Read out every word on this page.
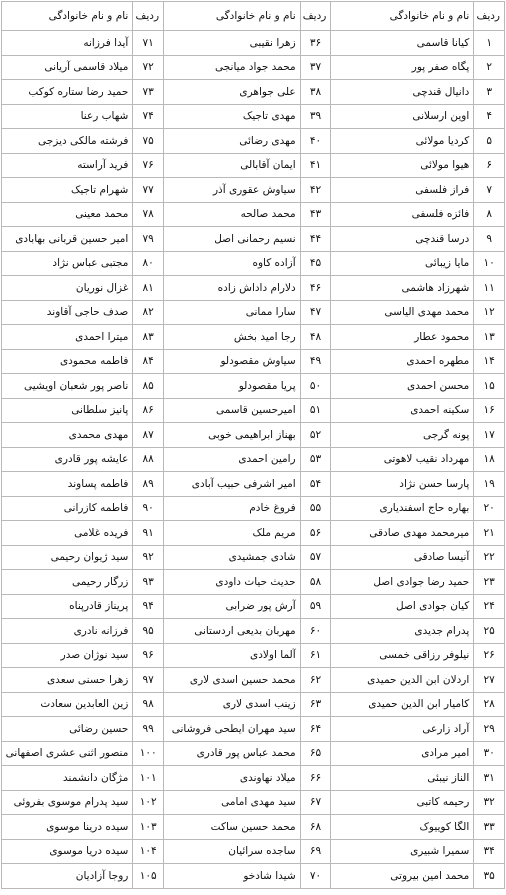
ردیف	نام و نام خانوادگی	ردیف	نام و نام خانوادگی	ردیف	نام و نام خانوادگی
۱	کیانا قاسمی	۳۶	زهرا نقیبی	۷۱	آیدا فرزانه
۲	پگاه صفر پور	۳۷	محمد جواد میانجی	۷۲	میلاد قاسمی آریانی
۳	دانیال قندچی	۳۸	علی جواهری	۷۳	حمید رضا ستاره کوکب
۴	اوین ارسلانی	۳۹	مهدی تاجیک	۷۴	شهاب رعنا
۵	کردیا مولائی	۴۰	مهدی رضائی	۷۵	فرشته مالکی دیزجی
۶	هیوا مولائی	۴۱	ایمان آقابالی	۷۶	فرید آراسته
۷	فراز فلسفی	۴۲	سیاوش عقوری آذر	۷۷	شهرام تاجیک
۸	فائزه فلسفی	۴۳	محمد صالحه	۷۸	محمد معینی
۹	درسا قندچی	۴۴	نسیم رحمانی اصل	۷۹	امیر حسین قربانی بهابادی
۱۰	مایا زیبائی	۴۵	آزاده کاوه	۸۰	مجتبی عباس نژاد
۱۱	شهرزاد هاشمی	۴۶	دلارام داداش زاده	۸۱	غزال نوریان
۱۲	محمد مهدی الیاسی	۴۷	سارا ممانی	۸۲	صدف حاجی آقاوند
۱۳	محمود عطار	۴۸	رجا امید بخش	۸۳	میترا احمدی
۱۴	مطهره احمدی	۴۹	سیاوش مقصودلو	۸۴	فاطمه محمودی
۱۵	محسن احمدی	۵۰	پریا مقصودلو	۸۵	ناصر پور شعبان اویشیی
۱۶	سکینه احمدی	۵۱	امیرحسین قاسمی	۸۶	پانیز سلطانی
۱۷	پونه گرجی	۵۲	بهناز ابراهیمی خوبی	۸۷	مهدی محمدی
۱۸	مهرداد نقیب لاهوتی	۵۳	رامین احمدی	۸۸	عایشه پور قادری
۱۹	پارسا حسن نژاد	۵۴	امیر اشرفی حبیب آبادی	۸۹	فاطمه پساوند
۲۰	بهاره حاج اسفندیاری	۵۵	فروغ خادم	۹۰	فاطمه کازرانی
۲۱	میرمحمد مهدی صادقی	۵۶	مریم ملک	۹۱	فریده غلامی
۲۲	آنیسا صادقی	۵۷	شادی جمشیدی	۹۲	سید ژیوان رحیمی
۲۳	حمید رضا جوادی اصل	۵۸	حدیث حیات داودی	۹۳	زرگار رحیمی
۲۴	کیان جوادی اصل	۵۹	آرش پور ضرابی	۹۴	پریناز قادرپناه
۲۵	پدرام جدیدی	۶۰	مهربان بدیعی اردستانی	۹۵	فرزانه نادری
۲۶	نیلوفر رزاقی خمسی	۶۱	آلما اولادی	۹۶	سید نوژان صدر
۲۷	اردلان ابن الدین حمیدی	۶۲	محمد حسین اسدی لاری	۹۷	زهرا حسنی سعدی
۲۸	کامیار ابن الدین حمیدی	۶۳	زینب اسدی لاری	۹۸	زین العابدین سعادت
۲۹	آراد زارعی	۶۴	سید مهران ایطحی فروشانی	۹۹	حسین رضائی
۳۰	امیر مرادی	۶۵	محمد عباس پور قادری	۱۰۰	منصور اثنی عشری اصفهانی
۳۱	الناز نیبئی	۶۶	میلاد نهاوندی	۱۰۱	مژگان دانشمند
۳۲	رحیمه کاتبی	۶۷	سید مهدی امامی	۱۰۲	سید پدرام موسوی بفروئی
۳۳	الگا کوییوک	۶۸	محمد حسین ساکت	۱۰۳	سیده درینا موسوی
۳۴	سمیرا شبیری	۶۹	ساجده سرائیان	۱۰۴	سیده دریا موسوی
۳۵	محمد امین بیروتی	۷۰	شیدا شادخو	۱۰۵	روجا آزادیان
